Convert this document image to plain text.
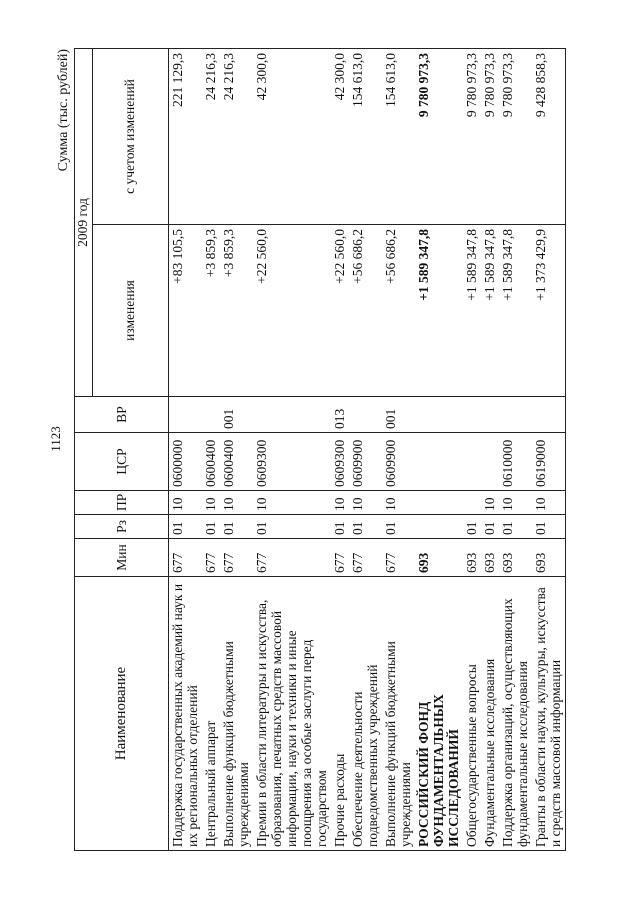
1123
Сумма (тыс. рублей)
Наименование	Мин	Рз	ПР	ЦСР	ВР	2009 год	
						изменения	с учетом изменений
Поддержка государственных академий наук и их региональных отделений	677	01	10	0600000		+83 105,5	221 129,3
Центральный аппарат	677	01	10	0600400		+3 859,3	24 216,3
Выполнение функций бюджетными учреждениями	677	01	10	0600400	001	+3 859,3	24 216,3
Премии в области литературы и искусства, образования, печатных средств массовой информации, науки и техники и иные поощрения за особые заслуги перед государством	677	01	10	0609300		+22 560,0	42 300,0
Прочие расходы	677	01	10	0609300	013	+22 560,0	42 300,0
Обеспечение деятельности подведомственных учреждений	677	01	10	0609900		+56 686,2	154 613,0
Выполнение функций бюджетными учреждениями	677	01	10	0609900	001	+56 686,2	154 613,0
РОССИЙСКИЙ ФОНД ФУНДАМЕНТАЛЬНЫХ ИССЛЕДОВАНИЙ	693					+1 589 347,8	9 780 973,3
Общегосударственные вопросы	693	01				+1 589 347,8	9 780 973,3
Фундаментальные исследования	693	01	10			+1 589 347,8	9 780 973,3
Поддержка организаций, осуществляющих фундаментальные исследования	693	01	10	0610000		+1 589 347,8	9 780 973,3
Гранты в области науки, культуры, искусства и средств массовой информации	693	01	10	0619000		+1 373 429,9	9 428 858,3
